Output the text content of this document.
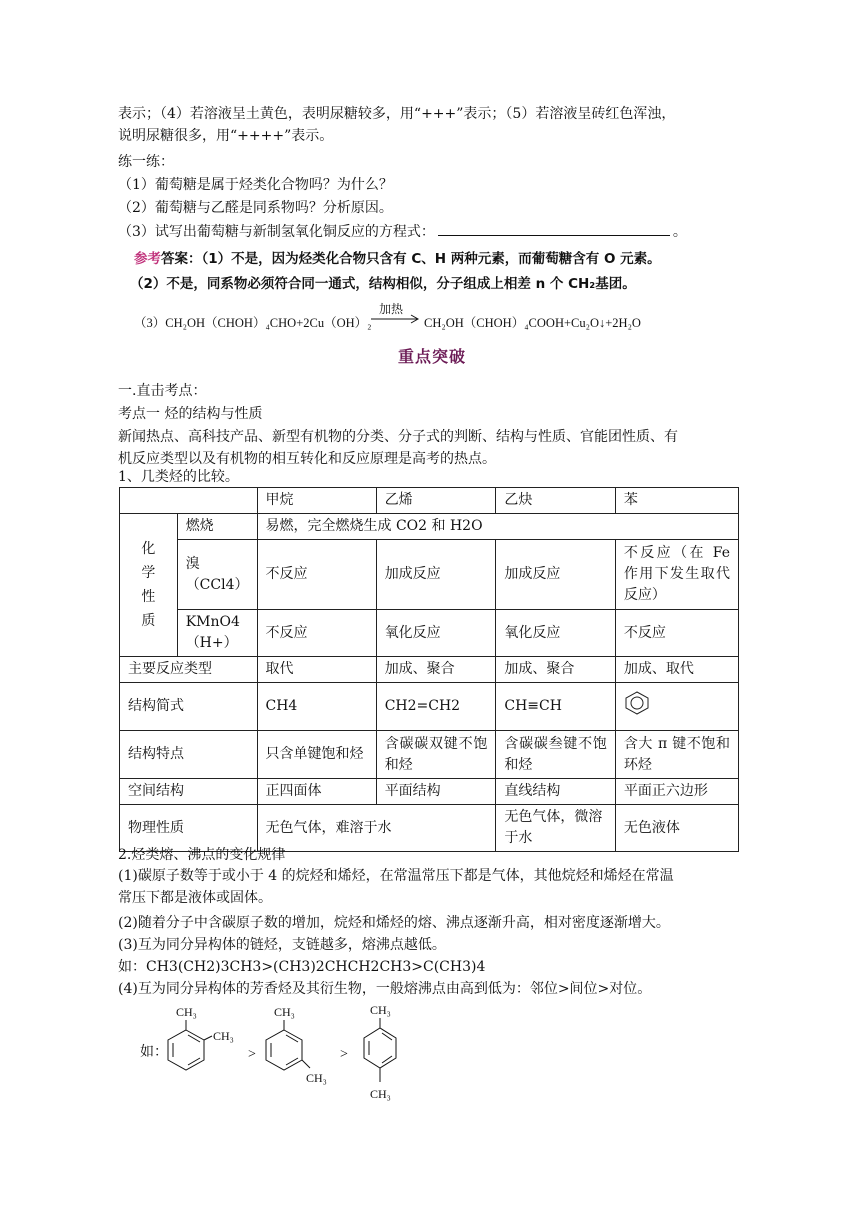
表示；（4）若溶液呈土黄色，表明尿糖较多，用“+++”表示；（5）若溶液呈砖红色浑浊，
说明尿糖很多，用“++++”表示。
练一练：
（1）葡萄糖是属于烃类化合物吗？为什么？
（2）葡萄糖与乙醛是同系物吗？分析原因。
（3）试写出葡萄糖与新制氢氧化铜反应的方程式：	。
参考答案：（1）不是，因为烃类化合物只含有 C、H 两种元素，而葡萄糖含有 O 元素。
（2）不是，同系物必须符合同一通式，结构相似，分子组成上相差 n 个 CH₂基团。
（3）CH₂OH（CHOH）₄CHO+2Cu（OH）₂
加热
CH₂OH（CHOH）₄COOH+Cu₂O↓+2H₂O
重点突破
一.直击考点：
考点一 烃的结构与性质
新闻热点、高科技产品、新型有机物的分类、分子式的判断、结构与性质、官能团性质、有
机反应类型以及有机物的相互转化和反应原理是高考的热点。
1、几类烃的比较。
		甲烷	乙烯	乙炔	苯

化学性质	燃烧	易燃，完全燃烧生成 CO2 和 H2O			
	溴（CCl4）	不反应	加成反应	加成反应	不反应（在 Fe 作用下发生取代反应）
	KMnO4（H+）	不反应	氧化反应	氧化反应	不反应
主要反应类型		取代	加成、聚合	加成、聚合	加成、取代
结构简式		CH4	CH2=CH2	CH≡CH	
结构特点		只含单键饱和烃	含碳碳双键不饱和烃	含碳碳叁键不饱和烃	含大 π 键不饱和环烃
空间结构		正四面体	平面结构	直线结构	平面正六边形
物理性质		无色气体，难溶于水		无色气体，微溶于水	无色液体
2.烃类熔、沸点的变化规律
(1)碳原子数等于或小于 4 的烷烃和烯烃，在常温常压下都是气体，其他烷烃和烯烃在常温
常压下都是液体或固体。
(2)随着分子中含碳原子数的增加，烷烃和烯烃的熔、沸点逐渐升高，相对密度逐渐增大。
(3)互为同分异构体的链烃，支链越多，熔沸点越低。
如：CH3(CH2)3CH3>(CH3)2CHCH2CH3>C(CH3)4
(4)互为同分异构体的芳香烃及其衍生物，一般熔沸点由高到低为：邻位>间位>对位。
如：
CH₃
CH₃
>
CH₃
CH₃
>
CH₃
CH₃
